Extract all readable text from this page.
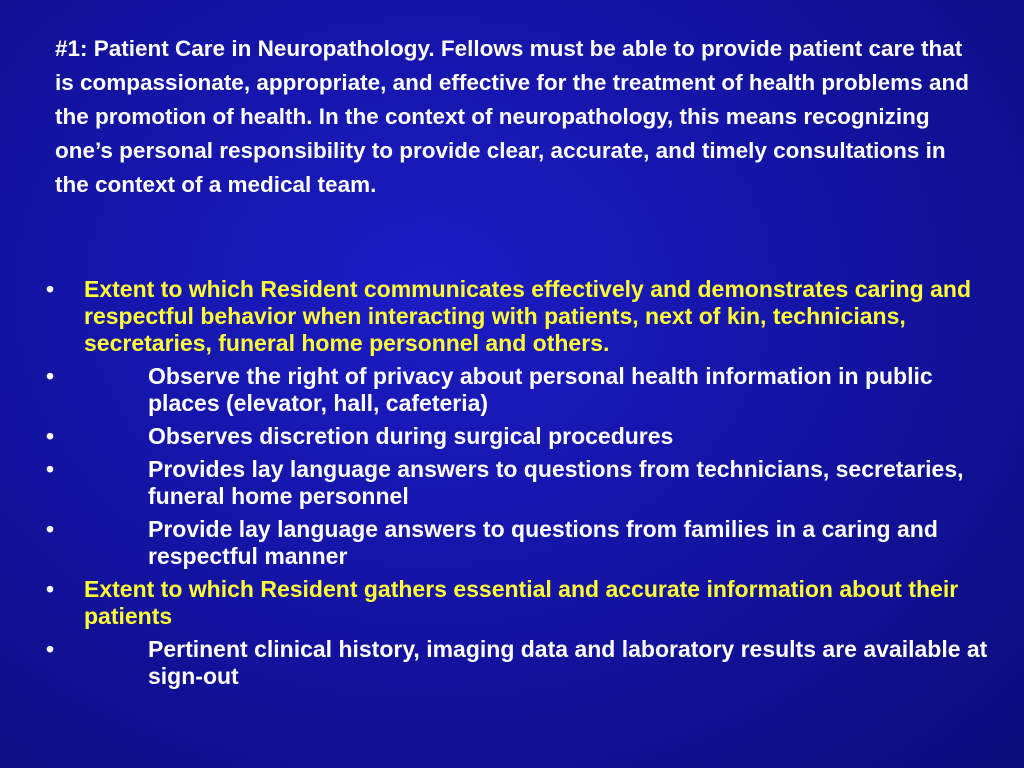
#1: Patient Care in Neuropathology. Fellows must be able to provide patient care that is compassionate, appropriate, and effective for the treatment of health problems and the promotion of health. In the context of neuropathology, this means recognizing one’s personal responsibility to provide clear, accurate, and timely consultations in the context of a medical team.

• Extent to which Resident communicates effectively and demonstrates caring and respectful behavior when interacting with patients, next of kin, technicians, secretaries, funeral home personnel and others.
•	Observe the right of privacy about personal health information in public places (elevator, hall, cafeteria)
•	Observes discretion during surgical procedures
•	Provides lay language answers to questions from technicians, secretaries, funeral home personnel
•	Provide lay language answers to questions from families in a caring and respectful manner
• Extent to which Resident gathers essential and accurate information about their patients
•	Pertinent clinical history, imaging data and laboratory results are available at sign-out
